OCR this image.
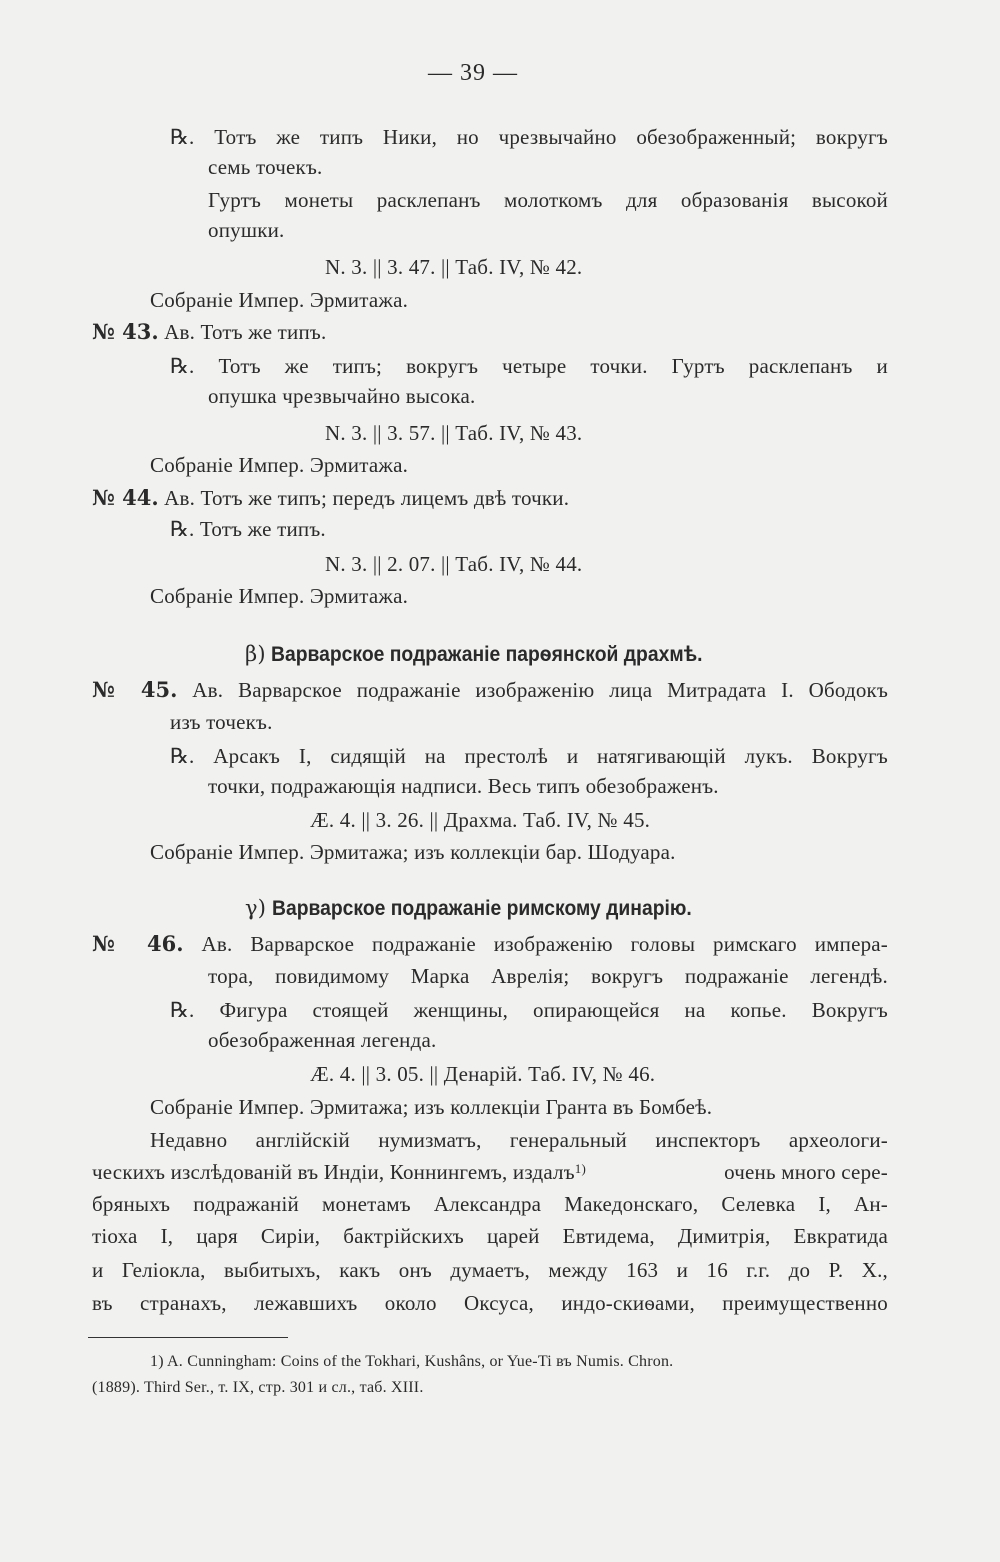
— 39 —
℞. Тотъ же типъ Ники, но чрезвычайно обезображенный; вокругъ
семь точекъ.
Гуртъ монеты расклепанъ молоткомъ для образованія высокой
опушки.
N. 3. || 3. 47. || Таб. IV, № 42.
Собраніе Импер. Эрмитажа.
№ 43. Ав. Тотъ же типъ.
℞. Тотъ же типъ; вокругъ четыре точки. Гуртъ расклепанъ и
опушка чрезвычайно высока.
N. 3. || 3. 57. || Таб. IV, № 43.
Собраніе Импер. Эрмитажа.
№ 44. Ав. Тотъ же типъ; передъ лицемъ двѣ точки.
℞. Тотъ же типъ.
N. 3. || 2. 07. || Таб. IV, № 44.
Собраніе Импер. Эрмитажа.
β) Варварское подражаніе парѳянской драхмѣ.
№ 45. Ав. Варварское подражаніе изображенію лица Митрадата I. Ободокъ
изъ точекъ.
℞. Арсакъ I, сидящій на престолѣ и натягивающій лукъ. Вокругъ
точки, подражающія надписи. Весь типъ обезображенъ.
Æ. 4. || 3. 26. || Драхма. Таб. IV, № 45.
Собраніе Импер. Эрмитажа; изъ коллекціи бар. Шодуара.
γ) Варварское подражаніе римскому динарію.
№ 46. Ав. Варварское подражаніе изображенію головы римскаго импера-
тора, повидимому Марка Аврелія; вокругъ подражаніе легендѣ.
℞. Фигура стоящей женщины, опирающейся на копье. Вокругъ
обезображенная легенда.
Æ. 4. || 3. 05. || Денарій. Таб. IV, № 46.
Собраніе Импер. Эрмитажа; изъ коллекціи Гранта въ Бомбеѣ.
Недавно англійскій нумизматъ, генеральный инспекторъ археологи-
ческихъ изслѣдованій въ Индіи, Коннингемъ, издалъ$^{1)}$	очень много сере-
бряныхъ подражаній монетамъ Александра Македонскаго, Селевка I, Ан-
тіоха I, царя Сиріи, бактрійскихъ царей Евтидема, Димитрія, Евкратида
и Геліокла, выбитыхъ, какъ онъ думаетъ, между 163 и 16 г.г. до Р. Х.,
въ странахъ, лежавшихъ около Оксуса, индо-скиѳами, преимущественно
1) A. Cunningham: Coins of the Tokhari, Kushâns, or Yue-Ti въ Numis. Chron.
(1889). Third Ser., т. IX, стр. 301 и сл., таб. XIII.
